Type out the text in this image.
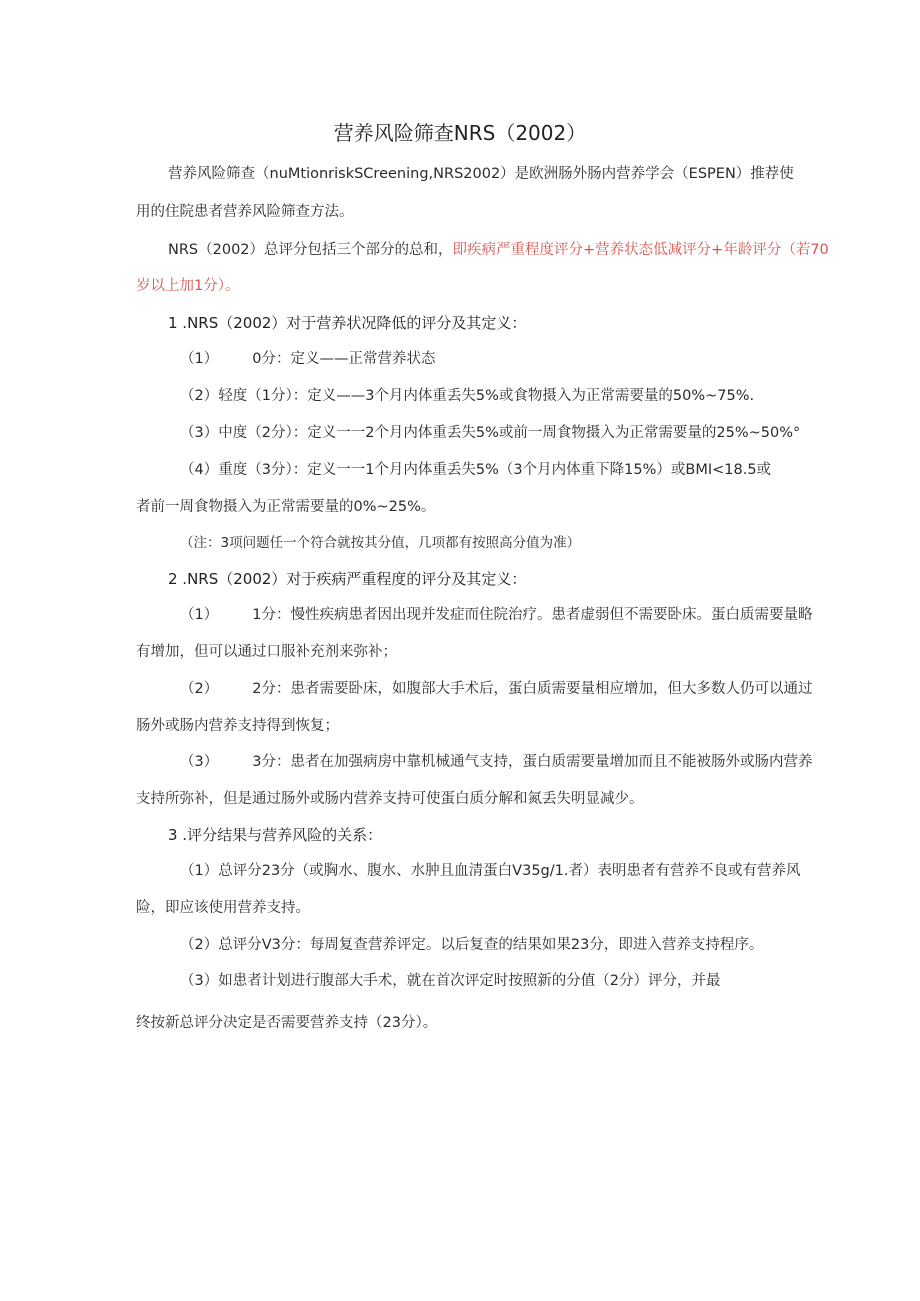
营养风险筛查NRS（2002）
营养风险筛查（nuMtionriskSCreening,NRS2002）是欧洲肠外肠内营养学会（ESPEN）推荐使
用的住院患者营养风险筛查方法。
NRS（2002）总评分包括三个部分的总和，即疾病严重程度评分+营养状态低减评分+年龄评分（若70
岁以上加1分）。
1 .NRS（2002）对于营养状况降低的评分及其定义：
（1） 0分：定义——正常营养状态
（2）轻度（1分）：定义——3个月内体重丢失5%或食物摄入为正常需要量的50%~75%.
（3）中度（2分）：定义一一2个月内体重丢失5%或前一周食物摄入为正常需要量的25%~50%°
（4）重度（3分）：定义一一1个月内体重丢失5%（3个月内体重下降15%）或BMI<18.5或
者前一周食物摄入为正常需要量的0%~25%。
（注：3项问题任一个符合就按其分值，几项都有按照高分值为准）
2 .NRS（2002）对于疾病严重程度的评分及其定义：
（1） 1分：慢性疾病患者因出现并发症而住院治疗。患者虚弱但不需要卧床。蛋白质需要量略
有增加，但可以通过口服补充剂来弥补；
（2） 2分：患者需要卧床，如腹部大手术后，蛋白质需要量相应增加，但大多数人仍可以通过
肠外或肠内营养支持得到恢复；
（3） 3分：患者在加强病房中靠机械通气支持，蛋白质需要量增加而且不能被肠外或肠内营养
支持所弥补，但是通过肠外或肠内营养支持可使蛋白质分解和氮丢失明显减少。
3 .评分结果与营养风险的关系：
（1）总评分23分（或胸水、腹水、水肿且血清蛋白V35g∕1.者）表明患者有营养不良或有营养风
险，即应该使用营养支持。
（2）总评分V3分：每周复查营养评定。以后复查的结果如果23分，即进入营养支持程序。
（3）如患者计划进行腹部大手术，就在首次评定时按照新的分值（2分）评分，并最
终按新总评分决定是否需要营养支持（23分）。
